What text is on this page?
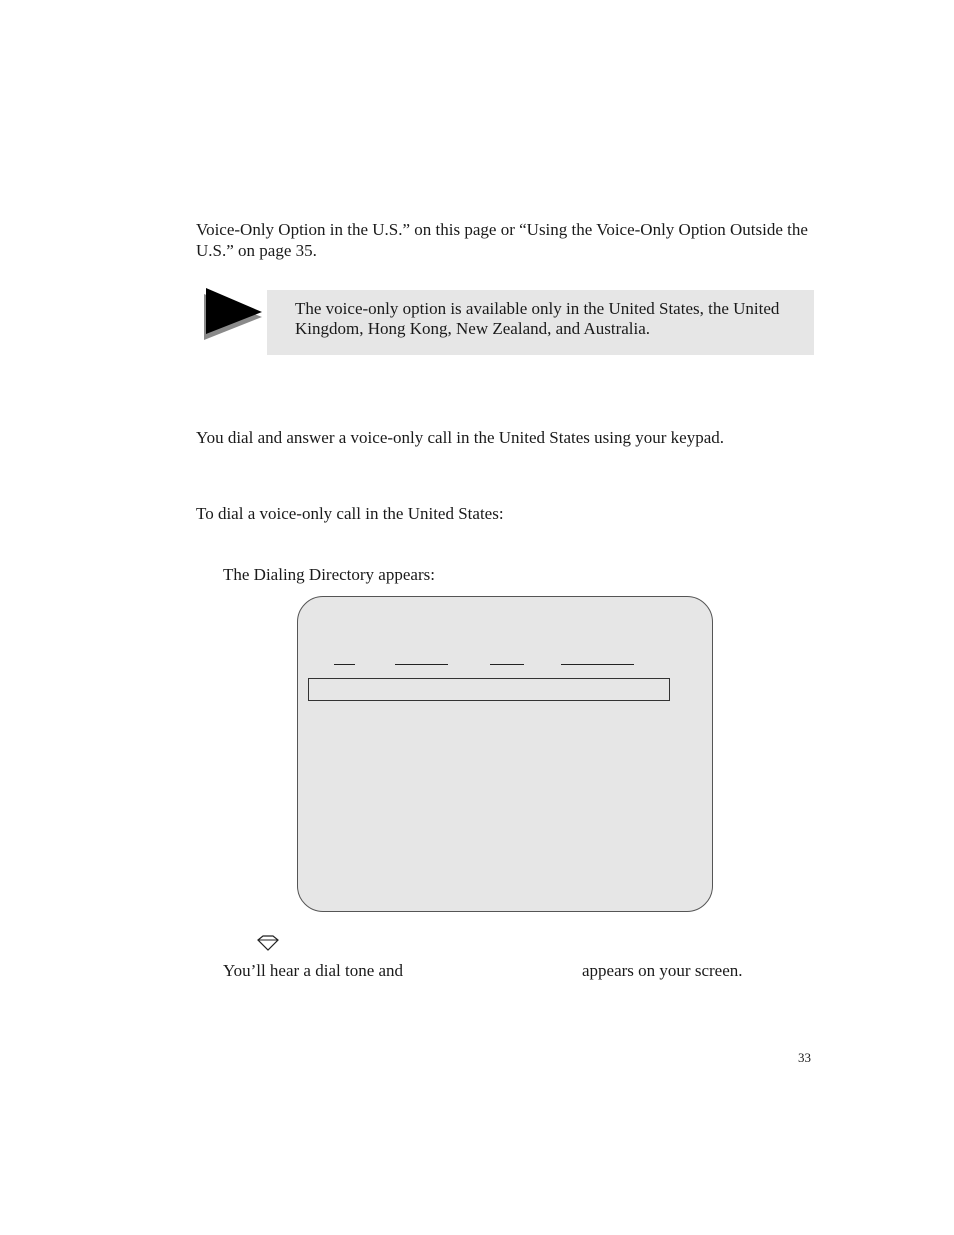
Voice-Only Option in the U.S.” on this page or “Using the Voice-Only Option Outside the U.S.” on page 35.

The voice-only option is available only in the United States, the United Kingdom, Hong Kong, New Zealand, and Australia.

You dial and answer a voice-only call in the United States using your keypad.

To dial a voice-only call in the United States:

The Dialing Directory appears:

You’ll hear a dial tone and	appears on your screen.

33
